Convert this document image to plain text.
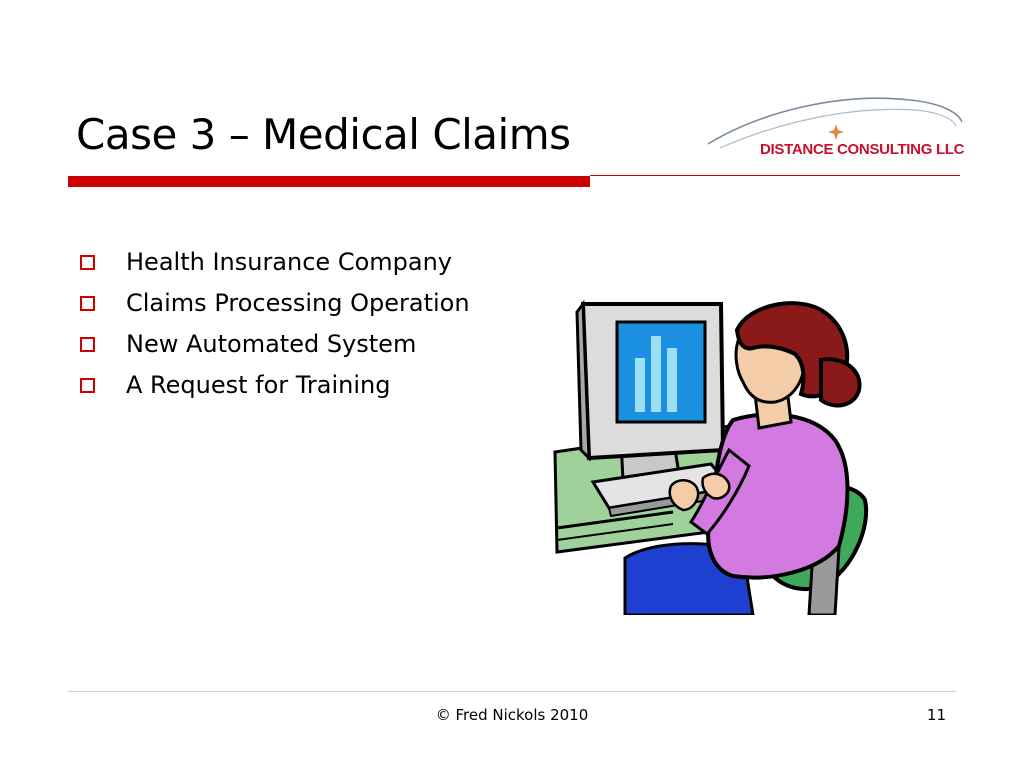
Case 3 – Medical Claims	DISTANCE CONSULTING LLC
Health Insurance Company
Claims Processing Operation
New Automated System
A Request for Training
© Fred Nickols 2010	11
